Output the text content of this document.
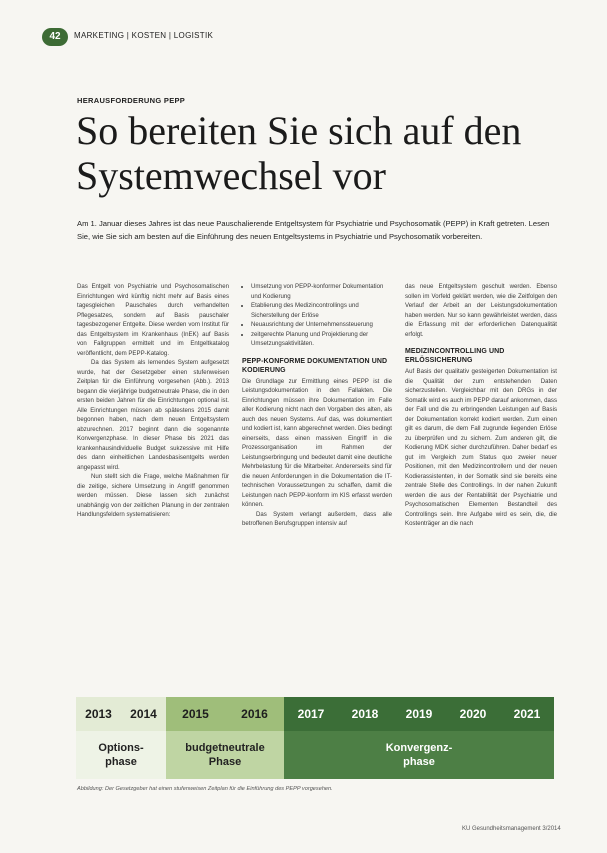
42	MARKETING | KOSTEN | LOGISTIK
HERAUSFORDERUNG PEPP
So bereiten Sie sich auf den Systemwechsel vor

Am 1. Januar dieses Jahres ist das neue Pauschalierende Entgeltsystem für Psychiatrie und Psychosomatik (PEPP) in Kraft getreten. Lesen Sie, wie Sie sich am besten auf die Einführung des neuen Entgeltsystems in Psychiatrie und Psychosomatik vorbereiten.

Das Entgelt von Psychiatrie und Psychosomatischen Einrichtungen wird künftig nicht mehr auf Basis eines tagesgleichen Pauschales durch verhandelten Pflegesatzes, sondern auf Basis pauschaler tagesbezogener Entgelte. Diese werden vom Institut für das Entgeltsystem im Krankenhaus (InEK) auf Basis von Fallgruppen ermittelt und im Entgeltkatalog veröffentlicht, dem PEPP-Katalog.

Da das System als lernendes System aufgesetzt wurde, hat der Gesetzgeber einen stufenweisen Zeitplan für die Einführung vorgesehen (Abb.). 2013 begann die vierjährige budgetneutrale Phase, die in den ersten beiden Jahren für die Einrichtungen optional ist. Alle Einrichtungen müssen ab spätestens 2015 damit begonnen haben, nach dem neuen Entgeltsystem abzurechnen. 2017 beginnt dann die sogenannte Konvergenzphase. In dieser Phase bis 2021 das krankenhausindividuelle Budget sukzessive mit Hilfe des dann einheitlichen Landesbasisentgelts werden angepasst wird.

Nun stellt sich die Frage, welche Maßnahmen für die zeitige, sichere Umsetzung in Angriff genommen werden müssen. Diese lassen sich zunächst unabhängig von der zeitlichen Planung in der zentralen Handlungsfeldern systematisieren:

• Umsetzung von PEPP-konformer Dokumentation und Kodierung
• Etablierung des Medizincontrollings und Sicherstellung der Erlöse
• Neuausrichtung der Unternehmenssteuerung
• zeitgerechte Planung und Projektierung der Umsetzungsaktivitäten.
PEPP-KONFORME DOKUMENTATION UND KODIERUNG

Die Grundlage zur Ermittlung eines PEPP ist die Leistungsdokumentation in den Fallakten. Die Einrichtungen müssen ihre Dokumentation im Falle aller Kodierung nicht nach den Vorgaben des alten, als auch des neuen Systems. Auf das, was dokumentiert und kodiert ist, kann abgerechnet werden. Dies bedingt einerseits, dass einen massiven Eingriff in die Prozessorganisation im Rahmen der Leistungserbringung und bedeutet damit eine deutliche Mehrbelastung für die Mitarbeiter. Andererseits sind für die neuen Anforderungen in die Dokumentation die IT-technischen Voraussetzungen zu schaffen, damit die Leistungen nach PEPP-konform im KIS erfasst werden können.

Das System verlangt außerdem, dass alle betroffenen Berufsgruppen intensiv auf

das neue Entgeltsystem geschult werden. Ebenso sollen im Vorfeld geklärt werden, wie die Zeitfolgen den Verlauf der Arbeit an der Leistungsdokumentation haben werden. Nur so kann gewährleistet werden, dass die Erfassung mit der erforderlichen Datenqualität erfolgt.

MEDIZINCONTROLLING UND ERLÖSSICHERUNG

Auf Basis der qualitativ gesteigerten Dokumentation ist die Qualität der zum entstehenden Daten sicherzustellen. Vergleichbar mit den DRGs in der Somatik wird es auch im PEPP darauf ankommen, dass der Fall und die zu erbringenden Leistungen auf Basis der Dokumentation korrekt kodiert werden. Zum einen gilt es darum, die dem Fall zugrunde liegenden Erlöse zu überprüfen und zu sichern. Zum anderen gilt, die Kodierung MDK sicher durchzuführen. Daher bedarf es gut im Vergleich zum Status quo zweier neuer Positionen, mit den Medizincontrollern und der neuen Kodierassistenten, in der Somatik sind sie bereits eine zentrale Stelle des Controllings. In der nahen Zukunft werden die aus der Rentabilität der Psychiatrie und Psychosomatischen Elementen Bestandteil des Controllings sein. Ihre Aufgabe wird es sein, die, die Kostenträger an die nach

2013 2014 2015	2016 2017 2018 2019 2020 2021
Options-
phase
budgetneutrale
Phase
Konvergenz-
phase
Abbildung: Der Gesetzgeber hat einen stufenweisen Zeitplan für die Einführung des PEPP vorgesehen.
KU Gesundheitsmanagement 3/2014
